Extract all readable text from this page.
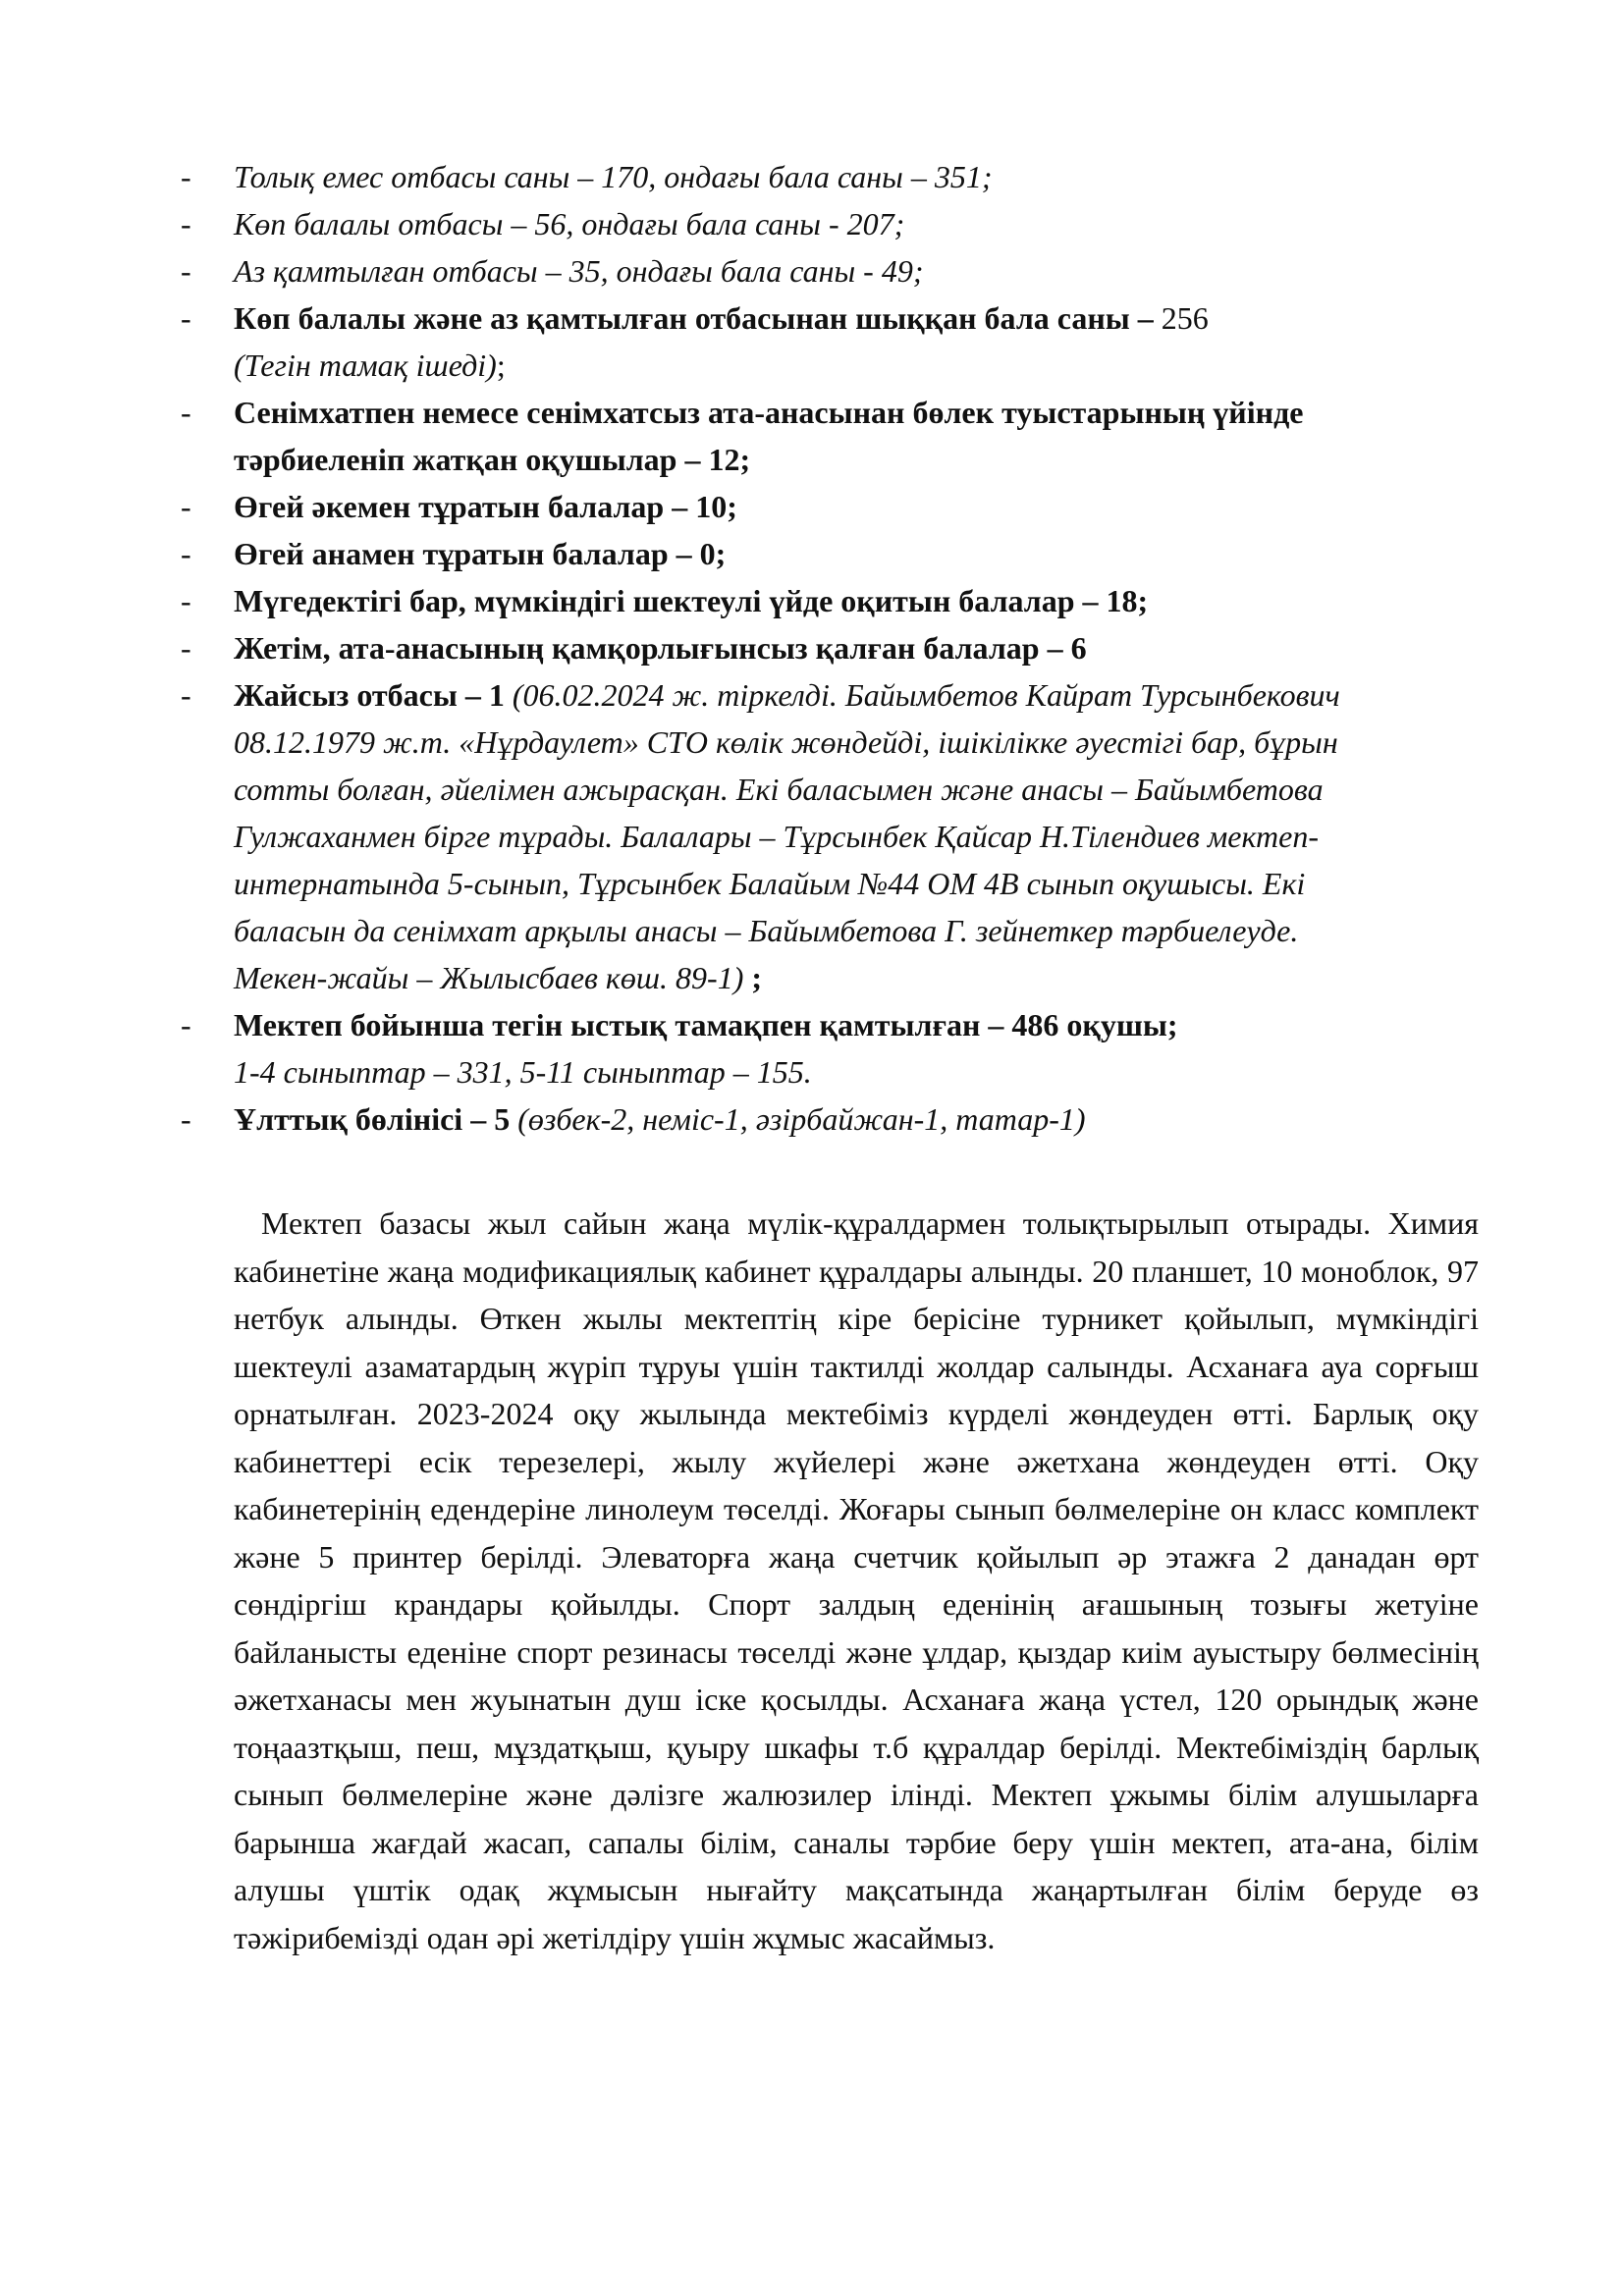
- Толық емес отбасы саны – 170, ондағы бала саны – 351;
- Көп балалы отбасы – 56, ондағы бала саны - 207;
- Аз қамтылған отбасы – 35, ондағы бала саны - 49;
- Көп балалы және аз қамтылған отбасынан шыққан бала саны – 256
(Тегін тамақ ішеді);
- Сенімхатпен немесе сенімхатсыз ата-анасынан бөлек туыстарының үйінде тәрбиеленіп жатқан оқушылар – 12;
- Өгей әкемен тұратын балалар – 10;
- Өгей анамен тұратын балалар – 0;
- Мүгедектігі бар, мүмкіндігі шектеулі үйде оқитын балалар – 18;
- Жетім, ата-анасының қамқорлығынсыз қалған балалар – 6
- Жайсыз отбасы – 1 (06.02.2024 ж. тіркелді. Байымбетов Кайрат Турсынбекович 08.12.1979 ж.т. «Нұрдаулет» СТО көлік жөндейді, ішікілікке әуестігі бар, бұрын сотты болған, әйелімен ажырасқан. Екі баласымен және анасы – Байымбетова Гулжаханмен бірге тұрады. Балалары – Тұрсынбек Қайсар Н.Тілендиев мектеп-интернатында 5-сынып, Тұрсынбек Балайым №44 ОМ 4В сынып оқушысы. Екі баласын да сенімхат арқылы анасы – Байымбетова Г. зейнеткер тәрбиелеуде. Мекен-жайы – Жылысбаев көш. 89-1) ;
- Мектеп бойынша тегін ыстық тамақпен қамтылған – 486 оқушы;
1-4 сыныптар – 331, 5-11 сыныптар – 155.
- Ұлттық бөлінісі – 5 (өзбек-2, неміс-1, әзірбайжан-1, татар-1)

Мектеп базасы жыл сайын жаңа мүлік-құралдармен толықтырылып отырады. Химия кабинетіне жаңа модификациялық кабинет құралдары алынды. 20 планшет, 10 моноблок, 97 нетбук алынды. Өткен жылы мектептің кіре берісіне турникет қойылып, мүмкіндігі шектеулі азаматардың жүріп тұруы үшін тактилді жолдар салынды. Асханаға ауа сорғыш орнатылған. 2023-2024 оқу жылында мектебіміз күрделі жөндеуден өтті. Барлық оқу кабинеттері есік терезелері, жылу жүйелері және әжетхана жөндеуден өтті. Оқу кабинетерінің едендеріне линолеум төселді. Жоғары сынып бөлмелеріне он класс комплект және 5 принтер берілді. Элеваторға жаңа счетчик қойылып әр этажға 2 данадан өрт сөндіргіш крандары қойылды. Спорт залдың еденінің ағашының тозығы жетуіне байланысты еденіне спорт резинасы төселді және ұлдар, қыздар киім ауыстыру бөлмесінің әжетханасы мен жуынатын душ іске қосылды. Асханаға жаңа үстел, 120 орындық және тоңаазтқыш, пеш, мұздатқыш, қуыру шкафы т.б құралдар берілді. Мектебіміздің барлық сынып бөлмелеріне және дәлізге жалюзилер ілінді. Мектеп ұжымы білім алушыларға барынша жағдай жасап, сапалы білім, саналы тәрбие беру үшін мектеп, ата-ана, білім алушы үштік одақ жұмысын нығайту мақсатында жаңартылған білім беруде өз тәжірибемізді одан әрі жетілдіру үшін жұмыс жасаймыз.
